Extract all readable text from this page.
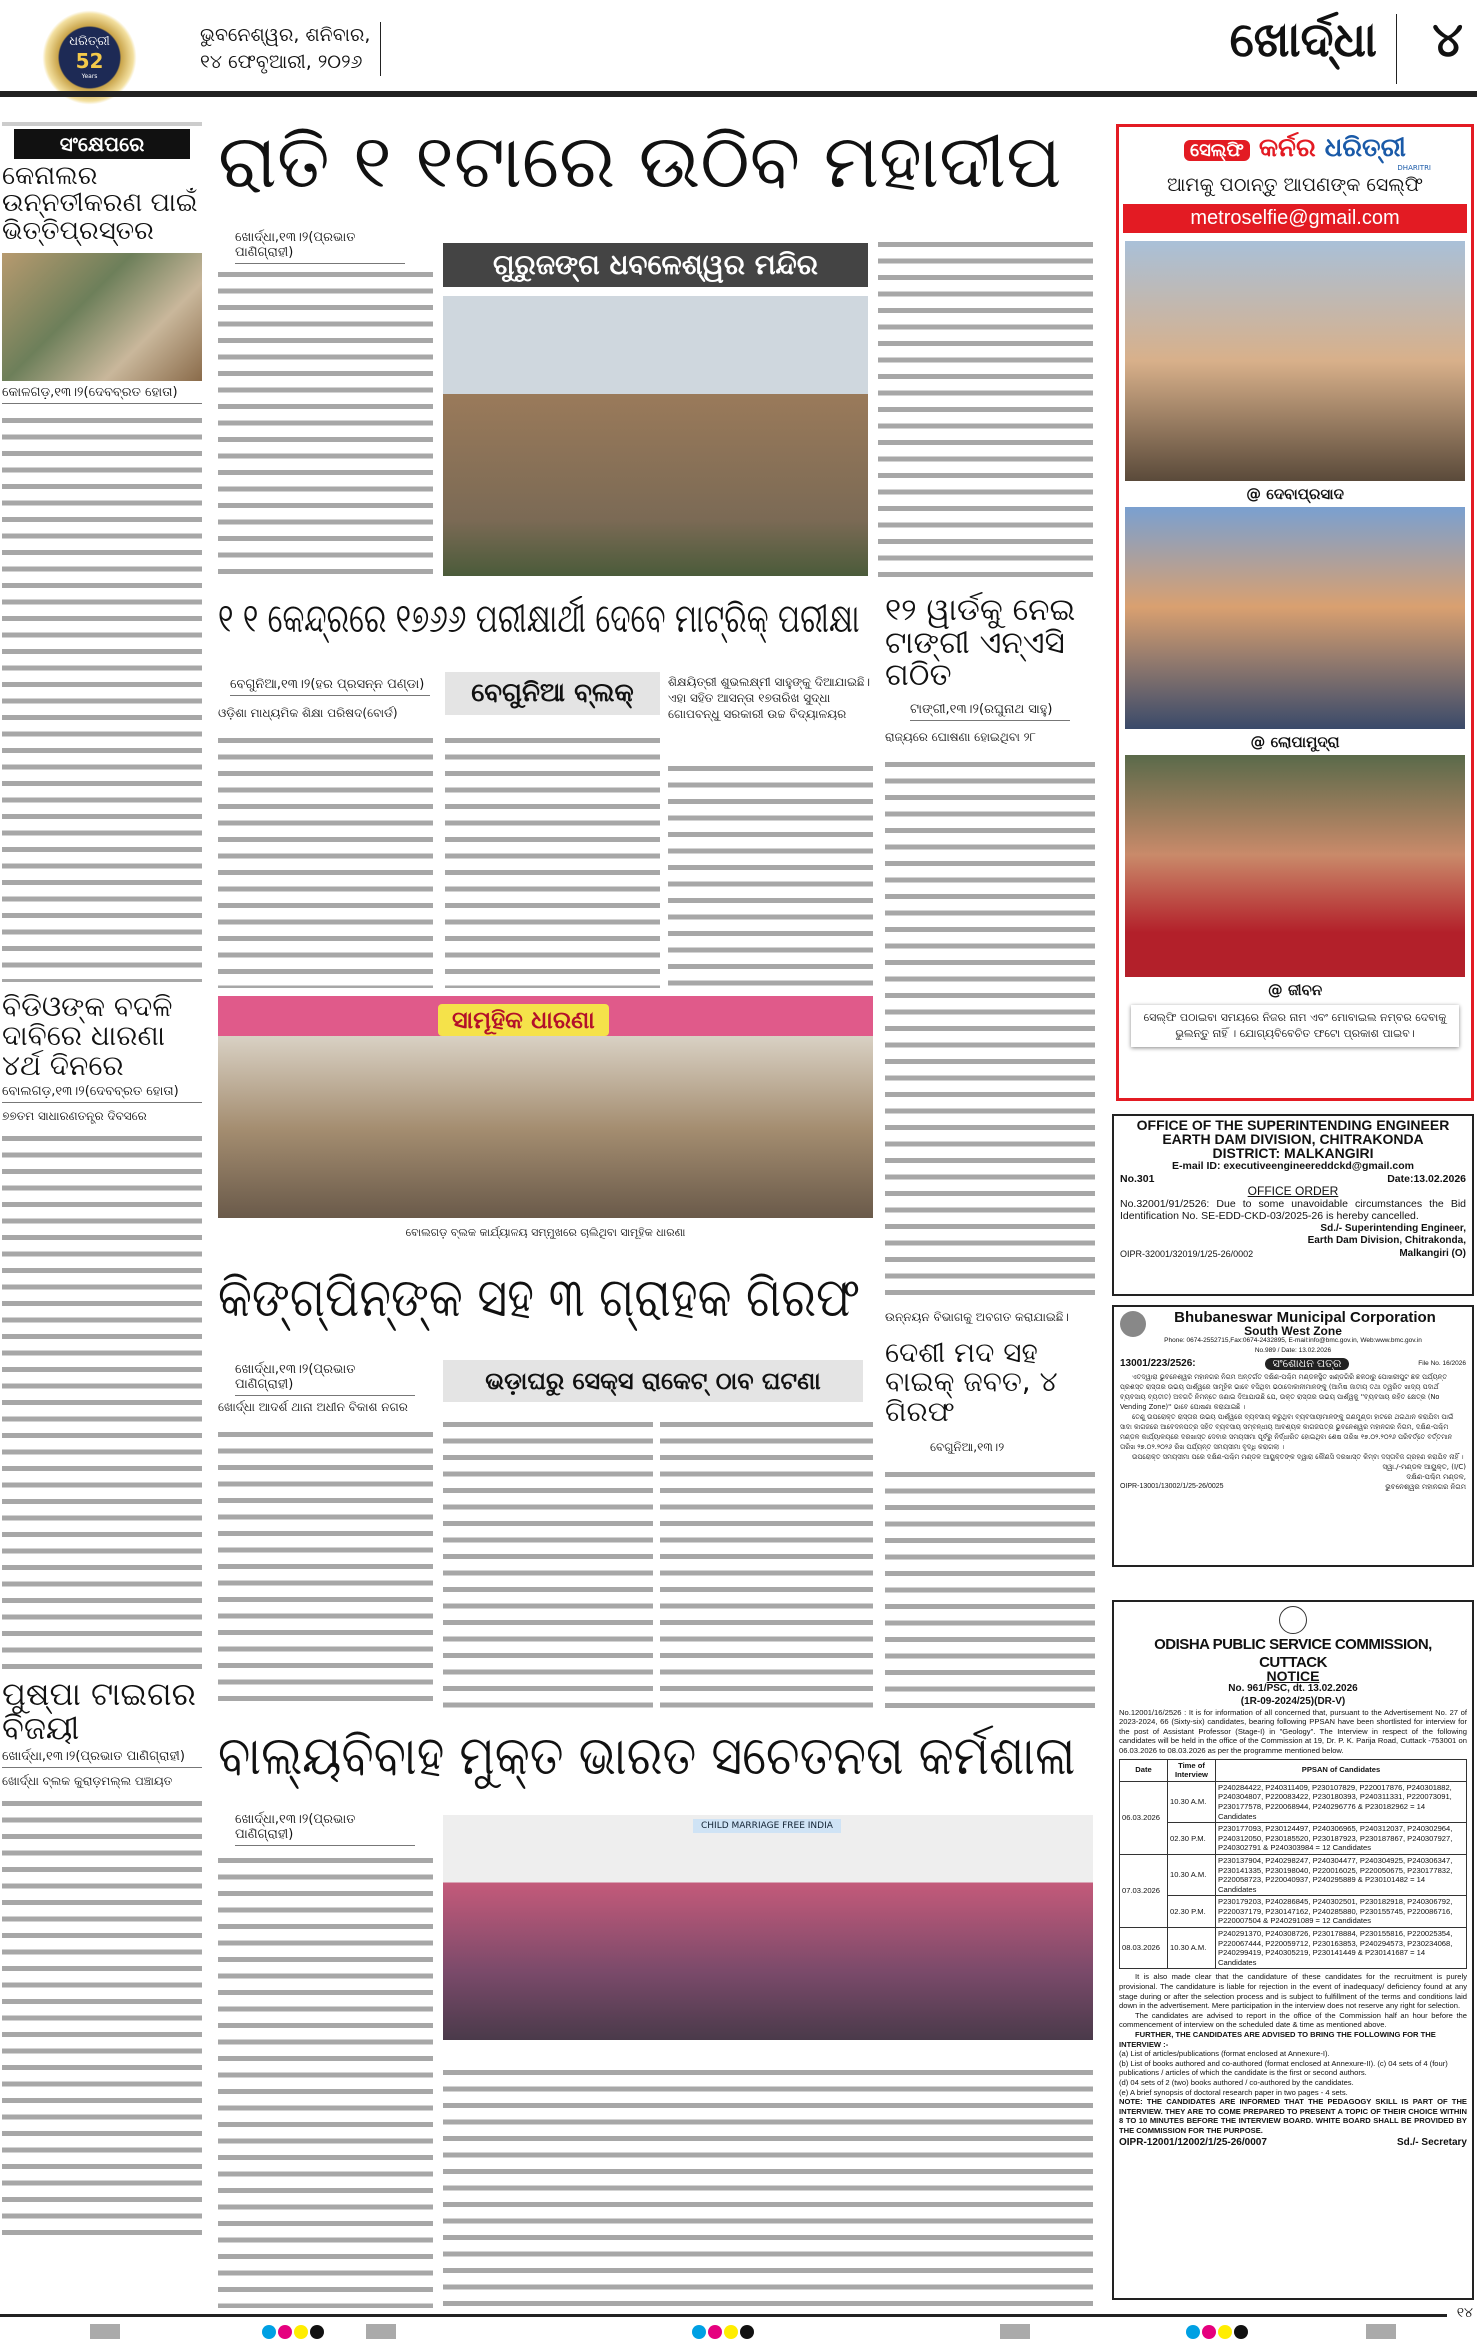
ଧରିତ୍ରୀ
52
Years
ଭୁବନେଶ୍ୱର, ଶନିବାର,
୧୪ ଫେବୃଆରୀ, ୨୦୨୬	ଖୋର୍ଦ୍ଧା ୪
ସଂକ୍ଷେପରେ
କେନାଲର ଉନ୍ନତୀକରଣ ପାଇଁ ଭିତ୍ତିପ୍ରସ୍ତର
କୋଳଗଡ଼,୧୩।୨(ଦେବବ୍ରତ ହୋତା)
ବିଡିଓଙ୍କ ବଦଳି ଦାବିରେ ଧାରଣା ୪ର୍ଥ ଦିନରେ
ବୋଲଗଡ଼,୧୩।୨(ଦେବବ୍ରତ ହୋତା)
୭୭ତମ ସାଧାରଣତନ୍ତ୍ର ଦିବସରେ
ପୁଷ୍ପା ଟାଇଗର ବିଜୟୀ
ଖୋର୍ଦ୍ଧା,୧୩।୨(ପ୍ରଭାତ ପାଣିଗ୍ରାହୀ)
ଖୋର୍ଦ୍ଧା ବ୍ଲକ କୁରାଡ଼ମଲ୍ଲ ପଞ୍ଚାୟତ
ରାତି ୧ ୧ଟାରେ ଉଠିବ ମହାଦୀପ
ଖୋର୍ଦ୍ଧା,୧୩।୨(ପ୍ରଭାତ ପାଣିଗ୍ରାହୀ)	ଗୁରୁଜଙ୍ଗ ଧବଳେଶ୍ୱର ମନ୍ଦିର
୧ ୧ କେନ୍ଦ୍ରରେ ୧୭୬୬ ପରୀକ୍ଷାର୍ଥୀ ଦେବେ ମାଟ୍ରିକ୍ ପରୀକ୍ଷା
ବେଗୁନିଆ,୧୩।୨(ହର ପ୍ରସନ୍ନ ପଣ୍ଡା)
ଓଡ଼ିଶା ମାଧ୍ୟମିକ ଶିକ୍ଷା ପରିଷଦ(ବୋର୍ଡ)
ବେଗୁନିଆ ବ୍ଲକ୍	ଶିକ୍ଷୟିତ୍ରୀ ଶୁଭଲକ୍ଷ୍ମୀ ସାହୁଙ୍କୁ ଦିଆଯାଇଛି। ଏହା ସହିତ ଆସନ୍ତା ୧୭ତାରିଖ ସୁଦ୍ଧା ଗୋପବନ୍ଧୁ ସରକାରୀ ଉଚ୍ଚ ବିଦ୍ୟାଳୟର
୧୨ ୱାର୍ଡକୁ ନେଇ ଟାଙ୍ଗୀ ଏନ୍ଏସି ଗଠିତ
ଟାଙ୍ଗୀ,୧୩।୨(ରଘୁନାଥ ସାହୁ)
ରାଜ୍ୟରେ ଘୋଷଣା ହୋଇଥିବା ୨୮
ଉନ୍ନୟନ ବିଭାଗକୁ ଅବଗତ କରାଯାଇଛି।
ସାମୂହିକ ଧାରଣା
ବୋଲଗଡ଼ ବ୍ଲକ କାର୍ଯ୍ୟାଳୟ ସମ୍ମୁଖରେ ଚାଲିଥିବା ସାମୂହିକ ଧାରଣା
କିଙ୍ଗ୍‌ପିନ୍‌ଙ୍କ ସହ ୩ ଗ୍ରାହକ ଗିରଫ
ଖୋର୍ଦ୍ଧା,୧୩।୨(ପ୍ରଭାତ ପାଣିଗ୍ରାହୀ)	ଭଡ଼ାଘରୁ ସେକ୍ସ ରାକେଟ୍ ଠାବ ଘଟଣା
ଖୋର୍ଦ୍ଧା ଆଦର୍ଶ ଥାନା ଅଧୀନ ବିକାଶ ନଗର
ଦେଶୀ ମଦ ସହ ବାଇକ୍ ଜବତ, ୪ ଗିରଫ
ବେଗୁନିଆ,୧୩।୨
ବାଲ୍ୟବିବାହ ମୁକ୍ତ ଭାରତ ସଚେତନତା କର୍ମଶାଳା
ଖୋର୍ଦ୍ଧା,୧୩।୨(ପ୍ରଭାତ ପାଣିଗ୍ରାହୀ)
CHILD MARRIAGE FREE INDIA
ସେଲ୍ଫି କର୍ନର ଧରିତ୍ରୀ
DHARITRI
ଆମକୁ ପଠାନ୍ତୁ ଆପଣଙ୍କ ସେଲ୍ଫି
metroselfie@gmail.com
@ ଦେବାପ୍ରସାଦ
@ ଲୋପାମୁଦ୍ରା
@ ଜୀବନ
ସେଲ୍ଫି ପଠାଇବା ସମୟରେ ନିଜର ନାମ ଏବଂ ମୋବାଇଲ ନମ୍ବର ଦେବାକୁ ଭୁଲନ୍ତୁ ନାହିଁ । ଯୋଗ୍ୟବିବେଚିତ ଫଟୋ ପ୍ରକାଶ ପାଇବ।
OFFICE OF THE SUPERINTENDING ENGINEER
EARTH DAM DIVISION, CHITRAKONDA
DISTRICT: MALKANGIRI
E-mail ID: executiveengineereddckd@gmail.com
No.301	Date:13.02.2026
OFFICE ORDER
No.32001/91/2526: Due to some unavoidable circumstances the Bid Identification No. SE-EDD-CKD-03/2025-26 is hereby cancelled.
Sd./- Superintending Engineer,
Earth Dam Division, Chitrakonda,
OIPR-32001/32019/1/25-26/0002	Malkangiri (O)
Bhubaneswar Municipal Corporation
South West Zone
Phone: 0674-2552715,Fax:0674-2432895, E-mail:info@bmc.gov.in, Web:www.bmc.gov.in
No.989 / Date: 13.02.2026
13001/223/2526:	ସଂଶୋଧନ ପତ୍ର	File No. 16/2026
ଏତଦ୍ୱାରା ଭୁବନେଶ୍ୱର ମହାନଗର ନିଗମ ଅନ୍ତର୍ଗତ ଦକ୍ଷିଣ-ପଶ୍ଚିମ ମଣ୍ଡଳସ୍ଥିତ ଖଣ୍ଡଗିରି ଛକଠାରୁ ପୋଖରୀପୁଟ ଛକ ପର୍ଯ୍ୟନ୍ତ ପ୍ରଶସ୍ତ ରାସ୍ତାର ଉଭୟ ପାର୍ଶ୍ୱରେ ସାମୂହିକ ଭାବେ ବସିଥିବା ଭଠାଦୋକାନୀମାନଙ୍କୁ (ଆମିଷ ଜାତୀୟ ତଥା ତ୍ୱରିତ ଖାଦ୍ୟ ପଦାର୍ଥ ବ୍ୟବସାୟ ବ୍ୟତୀତ) ଅବଗତି ନିମନ୍ତେ ଜଣାଇ ଦିଆଯାଉଛି ଯେ, ଉକ୍ତ ରାସ୍ତାର ଉଭୟ ପାର୍ଶ୍ୱକୁ ''ବ୍ୟବସାୟ ରହିତ କ୍ଷେତ୍ର (No Vending Zone)'' ଭାବେ ଘୋଷଣା କରାଯାଇଛି ।
ତେଣୁ ଉପରୋକ୍ତ ରାସ୍ତାର ଉଭୟ ପାର୍ଶ୍ୱରେ ବ୍ୟବସାୟ କରୁଥିବା ବ୍ୟବସାୟୀମାନଙ୍କୁ ଗଣମୁଣ୍ଡା ହାଟରେ ଥଇଥାନ କରାଯିବା ପାଇଁ ସାଦା କାଗଜରେ ଆବେଦନପତ୍ର ସହିତ ବ୍ୟବସାୟ ସମ୍ବନ୍ଧୀୟ ଆବଶ୍ୟକ କାଗଜପତ୍ର ଭୁବନେଶ୍ୱର ମହାନଗର ନିଗମ, ଦକ୍ଷିଣ-ପଶ୍ଚିମ ମଣ୍ଡଳ କାର୍ଯ୍ୟାଳୟରେ ଦରଖାସ୍ତ ଦେବାର ସମୟସୀମା ପୂର୍ବରୁ ନିର୍ଦ୍ଧାରିତ ହୋଇଥିବା ଶେଷ ତାରିଖ ୧୭.୦୨.୨୦୨୬ ପରିବର୍ତ୍ତେ ବର୍ତ୍ତମାନ ତାରିଖ ୨୭.୦୨.୨୦୨୬ ରିଖ ପର୍ଯ୍ୟନ୍ତ ସମୟସୀମା ବୃଦ୍ଧି କରାଗଲା ।
ଉପରୋକ୍ତ ସମୟସୀମା ପରେ ଦକ୍ଷିଣ-ପଶ୍ଚିମ ମଣ୍ଡଳ ଆୟୁକ୍ତଙ୍କ ଦ୍ୱାରା କୌଣସି ଦରଖାସ୍ତ କିମ୍ବା ଦସ୍ତାବିଜ ଗ୍ରହଣ କରାଯିବ ନାହିଁ ।
ସ୍ୱା./-ମଣ୍ଡଳ ଆୟୁକ୍ତ, (I/C)
ଦକ୍ଷିଣ-ପଶ୍ଚିମ ମଣ୍ଡଳ,
OIPR-13001/13002/1/25-26/0025	ଭୁବନେଶ୍ୱର ମହାନଗର ନିଗମ
ODISHA PUBLIC SERVICE COMMISSION, CUTTACK
NOTICE
No. 961/PSC, dt. 13.02.2026
(1R-09-2024/25)(DR-V)
No.12001/16/2526 : It is for information of all concerned that, pursuant to the Advertisement No. 27 of 2023-2024, 66 (Sixty-six) candidates, bearing following PPSAN have been shortlisted for interview for the post of Assistant Professor (Stage-I) in "Geology". The Interview in respect of the following candidates will be held in the office of the Commission at 19, Dr. P. K. Parija Road, Cuttack -753001 on 06.03.2026 to 08.03.2026 as per the programme mentioned below.
Date	Time of Interview	PPSAN of Candidates
06.03.2026	10.30 A.M.	P240284422, P240311409, P230107829, P220017876, P240301882, P240304807, P220083422, P230180393, P240311331, P220073091, P230177578, P220068944, P240296776 & P230182962 = 14 Candidates
	02.30 P.M.	P230177093, P230124497, P240306965, P240312037, P240302964, P240312050, P230185520, P230187923, P230187867, P240307927, P240302791 & P240303984 = 12 Candidates
07.03.2026	10.30 A.M.	P230137904, P240298247, P240304477, P240304925, P240306347, P230141335, P230198040, P220016025, P220050675, P230177832, P220058723, P220040937, P240295889 & P230101482 = 14 Candidates
	02.30 P.M.	P230179203, P240286845, P240302501, P230182918, P240306792, P220037179, P230147162, P240285880, P230155745, P220086716, P220007504 & P240291089 = 12 Candidates
08.03.2026	10.30 A.M.	P240291370, P240308726, P230178884, P230155816, P220025354, P220067444, P220059712, P230163853, P240294573, P230234068, P240299419, P240305219, P230141449 & P230141687 = 14 Candidates
It is also made clear that the candidature of these candidates for the recruitment is purely provisional. The candidature is liable for rejection in the event of inadequacy/ deficiency found at any stage during or after the selection process and is subject to fulfillment of the terms and conditions laid down in the advertisement. Mere participation in the interview does not reserve any right for selection.
The candidates are advised to report in the office of the Commission half an hour before the commencement of interview on the scheduled date & time as mentioned above.
FURTHER, THE CANDIDATES ARE ADVISED TO BRING THE FOLLOWING FOR THE INTERVIEW :-
(a) List of articles/publications (format enclosed at Annexure-I).
(b) List of books authored and co-authored (format enclosed at Annexure-II). (c) 04 sets of 4 (four) publications / articles of which the candidate is the first or second authors.
(d) 04 sets of 2 (two) books authored / co-authored by the candidates.
(e) A brief synopsis of doctoral research paper in two pages - 4 sets.
NOTE: THE CANDIDATES ARE INFORMED THAT THE PEDAGOGY SKILL IS PART OF THE INTERVIEW. THEY ARE TO COME PREPARED TO PRESENT A TOPIC OF THEIR CHOICE WITHIN 8 TO 10 MINUTES BEFORE THE INTERVIEW BOARD. WHITE BOARD SHALL BE PROVIDED BY THE COMMISSION FOR THE PURPOSE.
OIPR-12001/12002/1/25-26/0007	Sd./- Secretary
୧୪
